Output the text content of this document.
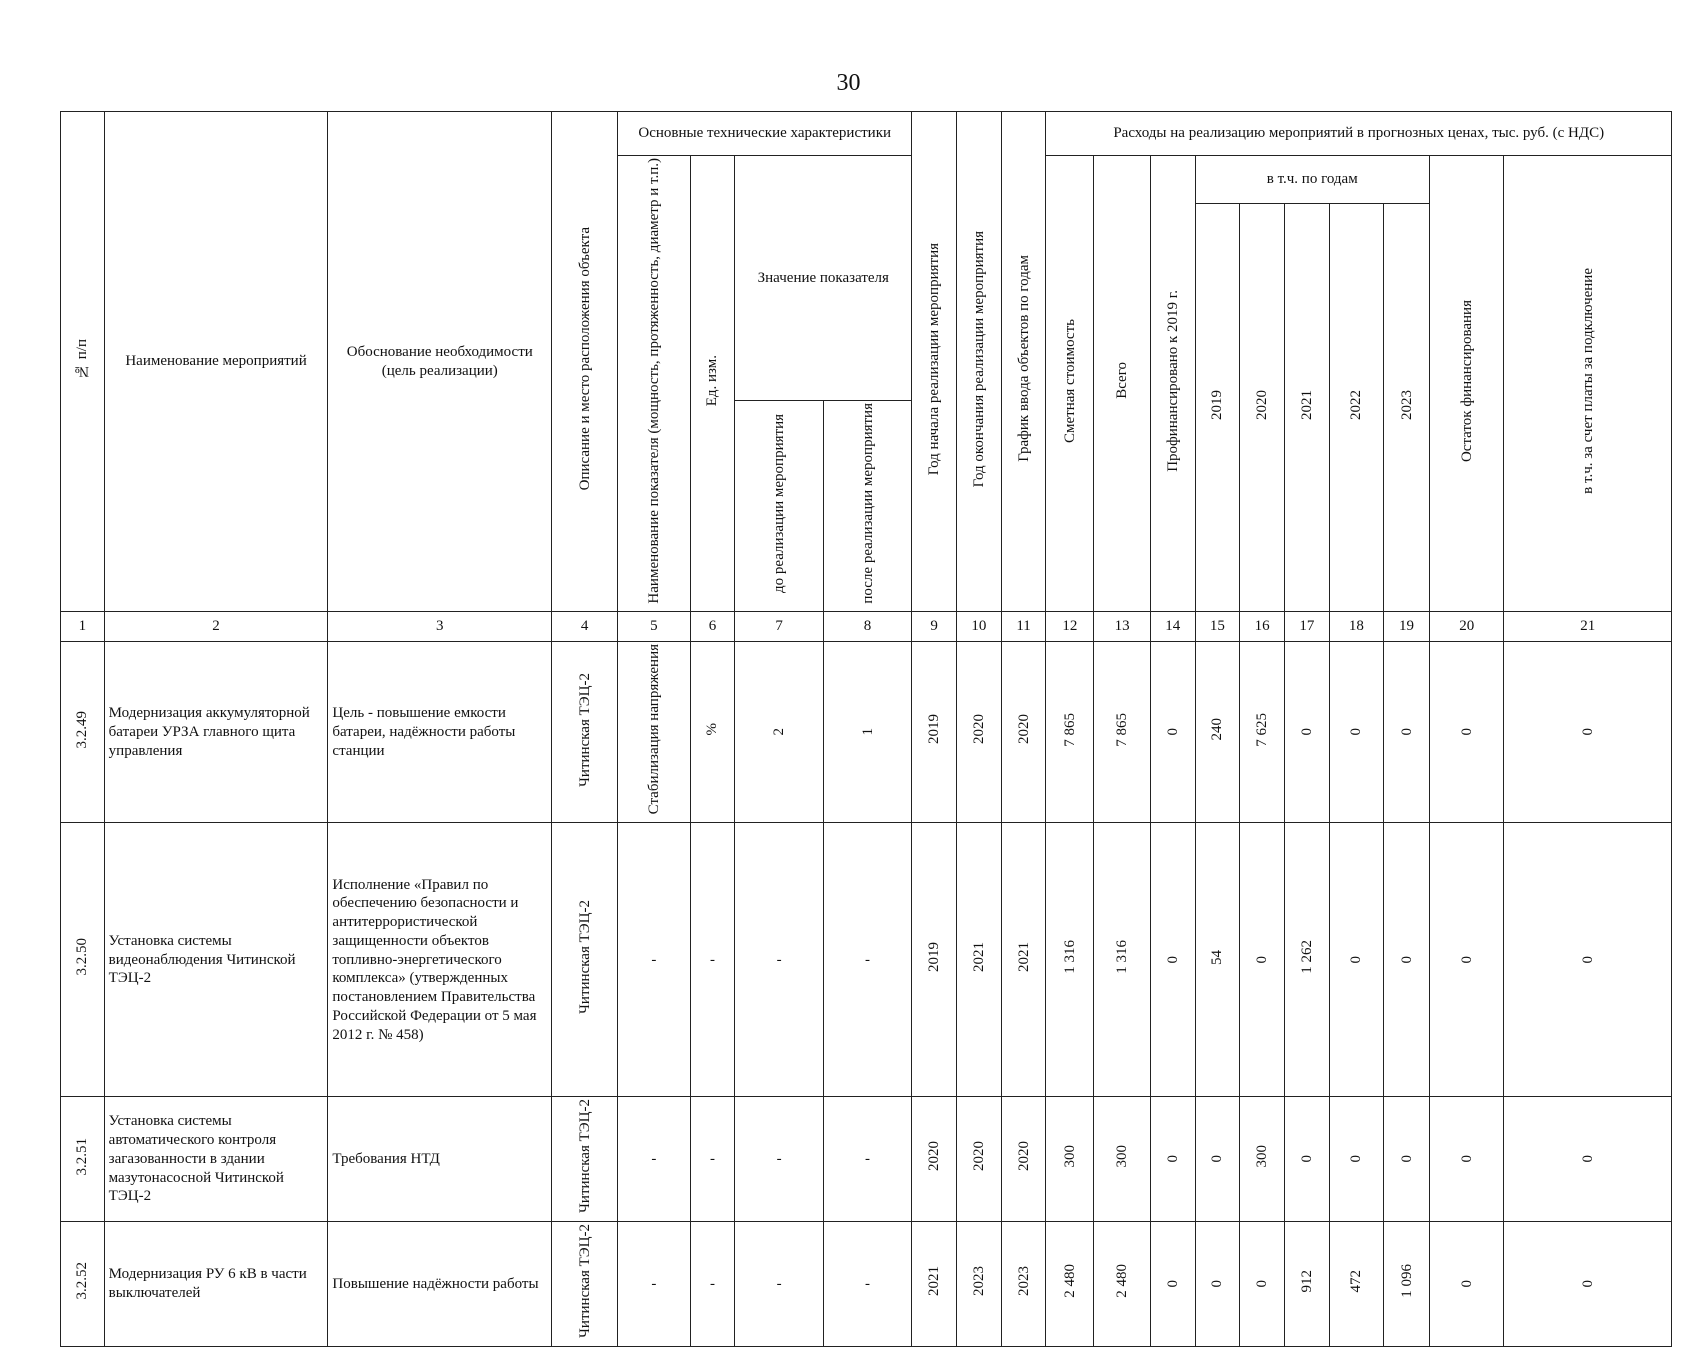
30
№ п/п	Наименование мероприятий	Обоснование необходимости (цель реализации)	Описание и место расположения объекта	Основные технические характеристики				Год начала реализации мероприятия	Год окончания реализации мероприятия	График ввода объектов по годам	Расходы на реализацию мероприятий в прогнозных ценах, тыс. руб. (с НДС)									
				Наименование показателя (мощность, протяженность, диаметр и т.п.)	Ед. изм.	Значение показателя					Сметная стоимость	Всего	Профинансировано к 2019 г.	в т.ч. по годам					Остаток финансирования	в т.ч. за счет платы за подключение
														2019	2020	2021	2022	2023		
						до реализации мероприятия	после реализации мероприятия													
1	2	3	4	5	6	7	8	9	10	11	12	13	14	15	16	17	18	19	20	21
3.2.49	Модернизация аккумуляторной батареи УРЗА главного щита управления	Цель - повышение емкости батареи, надёжности работы станции	Читинская ТЭЦ-2	Стабилизация напряжения	%	2	1	2019	2020	2020	7 865	7 865	0	240	7 625	0	0	0	0	0
3.2.50	Установка системы видеонаблюдения Читинской ТЭЦ-2	Исполнение «Правил по обеспечению безопасности и антитеррористической защищенности объектов топливно-энергетического комплекса» (утвержденных постановлением Правительства Российской Федерации от 5 мая 2012 г. № 458)	Читинская ТЭЦ-2	-	-	-	-	2019	2021	2021	1 316	1 316	0	54	0	1 262	0	0	0	0
3.2.51	Установка системы автоматического контроля загазованности в здании мазутонасосной Читинской ТЭЦ-2	Требования НТД	Читинская ТЭЦ-2	-	-	-	-	2020	2020	2020	300	300	0	0	300	0	0	0	0	0
3.2.52	Модернизация РУ 6 кВ в части выключателей	Повышение надёжности работы	Читинская ТЭЦ-2	-	-	-	-	2021	2023	2023	2 480	2 480	0	0	0	912	472	1 096	0	0
